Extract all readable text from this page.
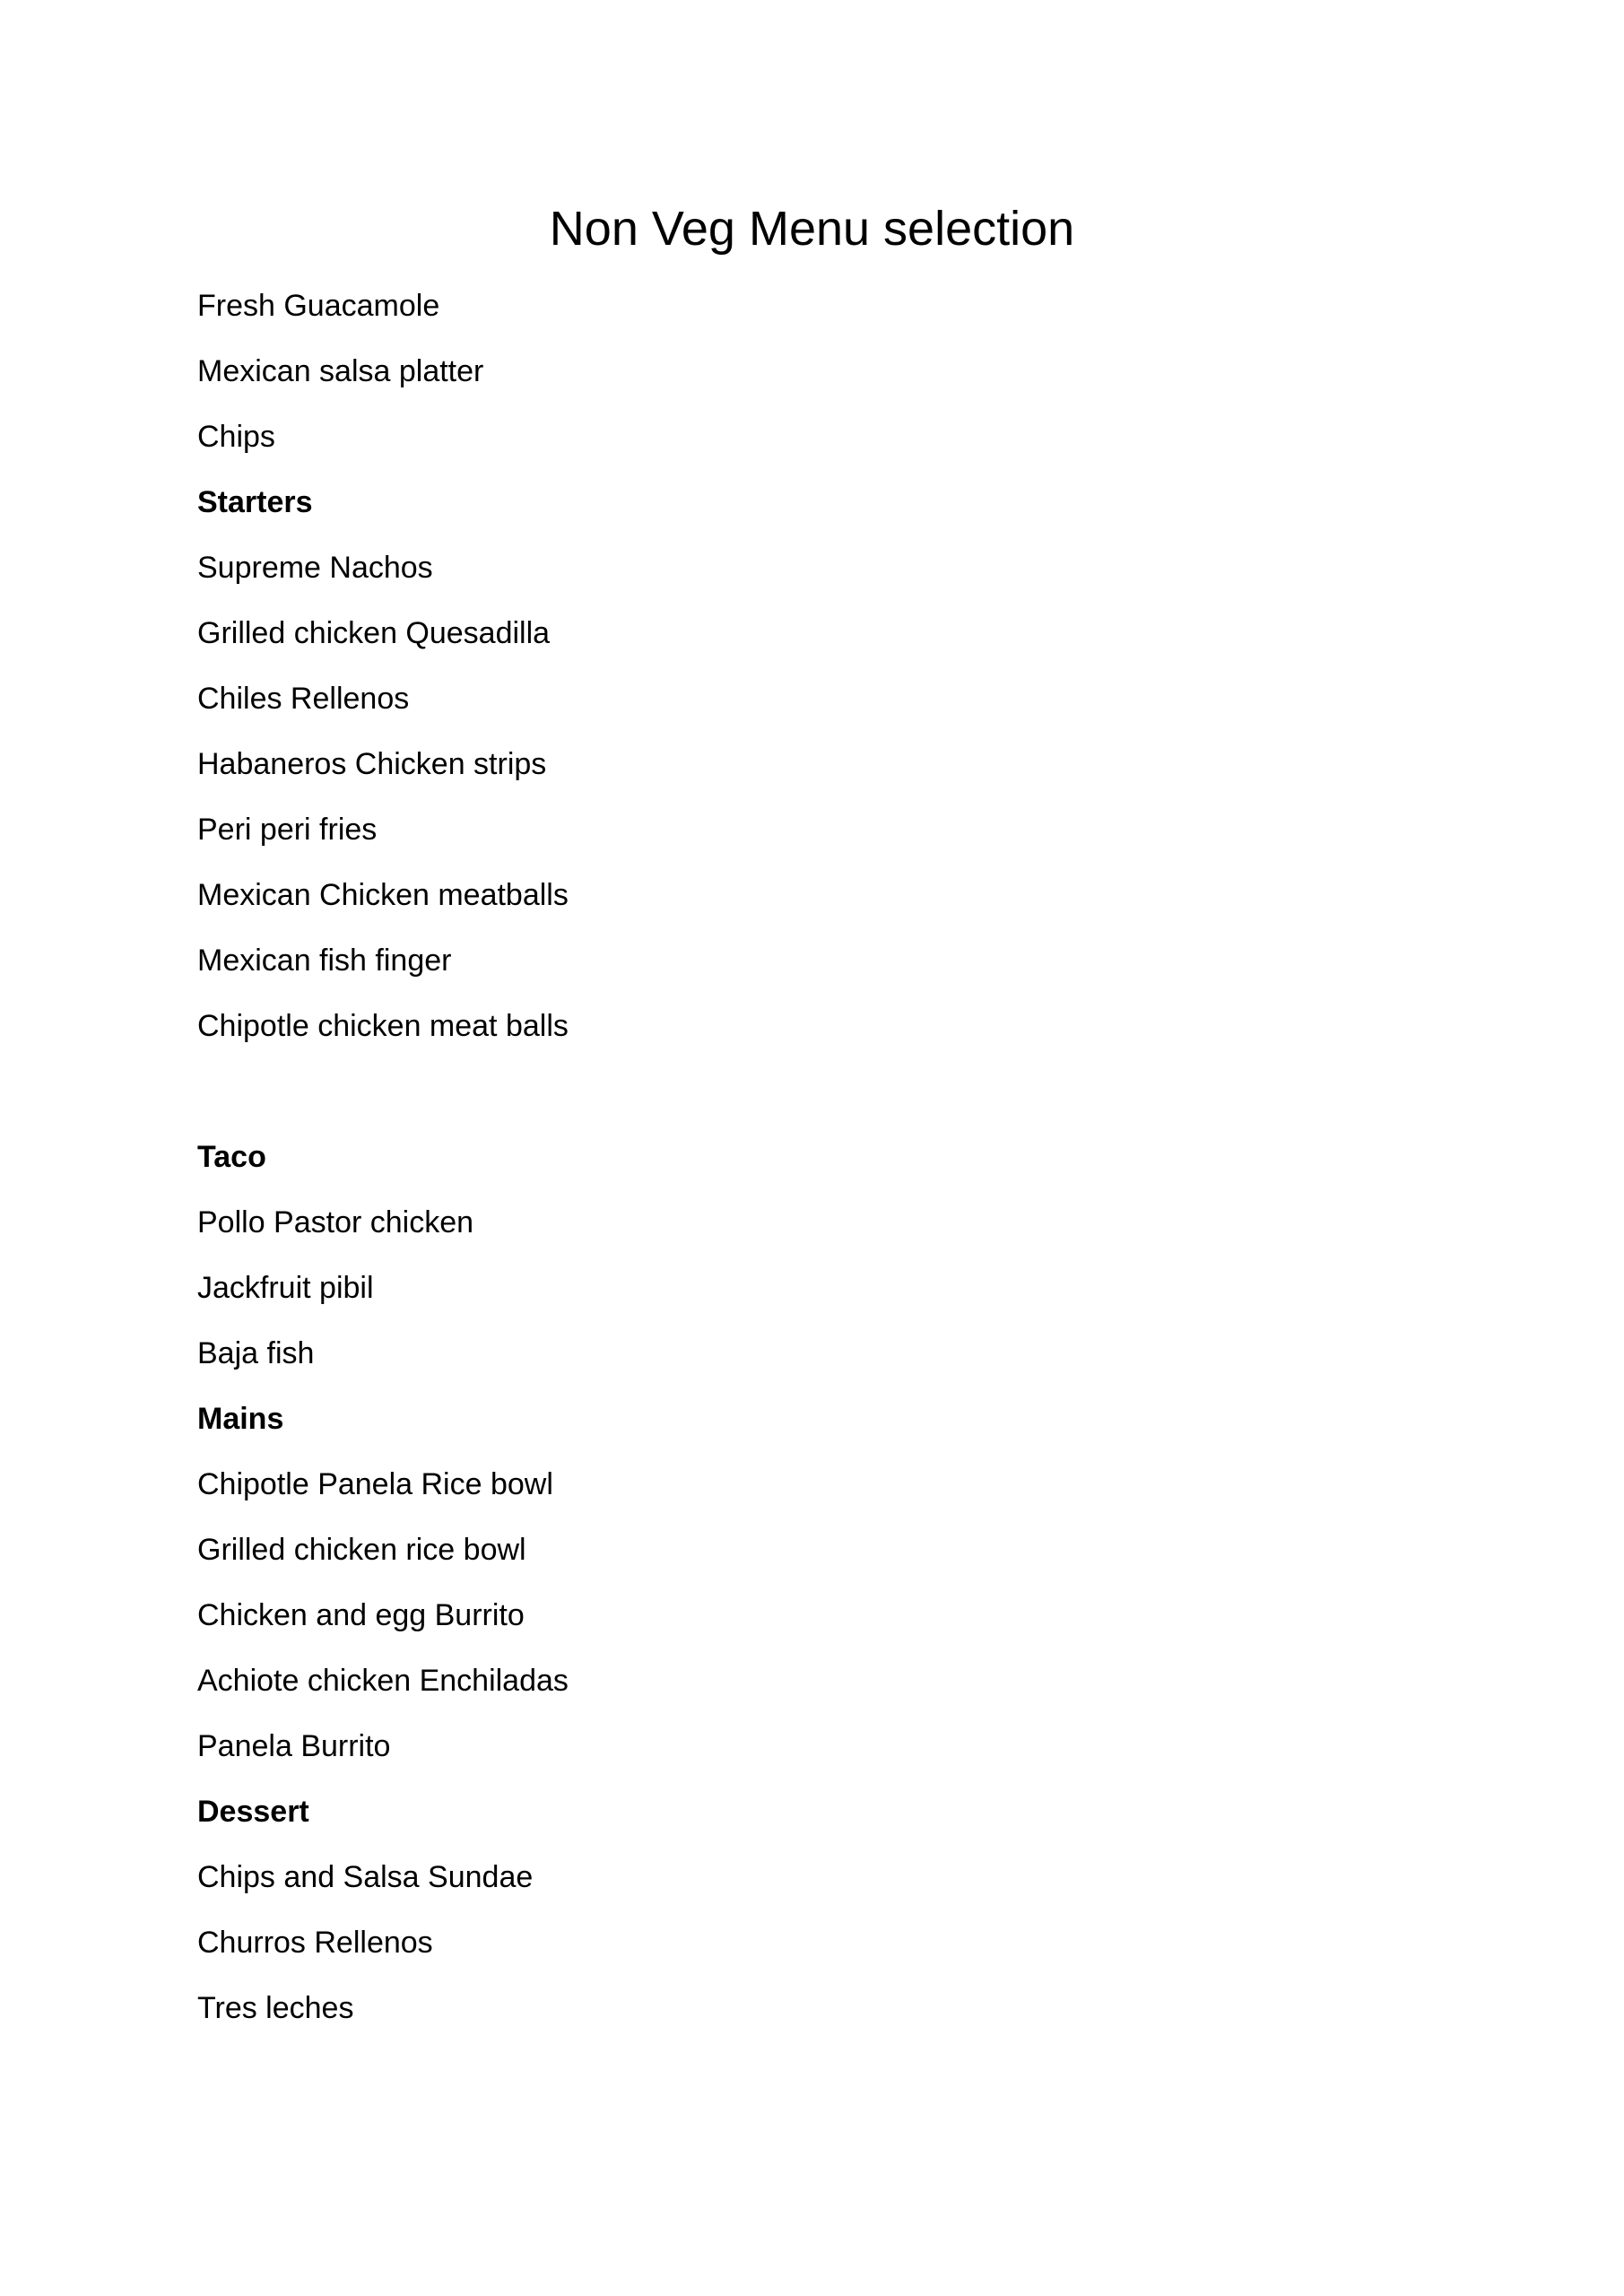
Non Veg Menu selection

Fresh Guacamole

Mexican salsa platter

Chips

Starters

Supreme Nachos

Grilled chicken Quesadilla

Chiles Rellenos

Habaneros Chicken strips

Peri peri fries

Mexican Chicken meatballs

Mexican fish finger

Chipotle chicken meat balls

Taco

Pollo Pastor chicken

Jackfruit pibil

Baja fish

Mains

Chipotle Panela Rice bowl

Grilled chicken rice bowl

Chicken and egg Burrito

Achiote chicken Enchiladas

Panela Burrito

Dessert

Chips and Salsa Sundae

Churros Rellenos

Tres leches
